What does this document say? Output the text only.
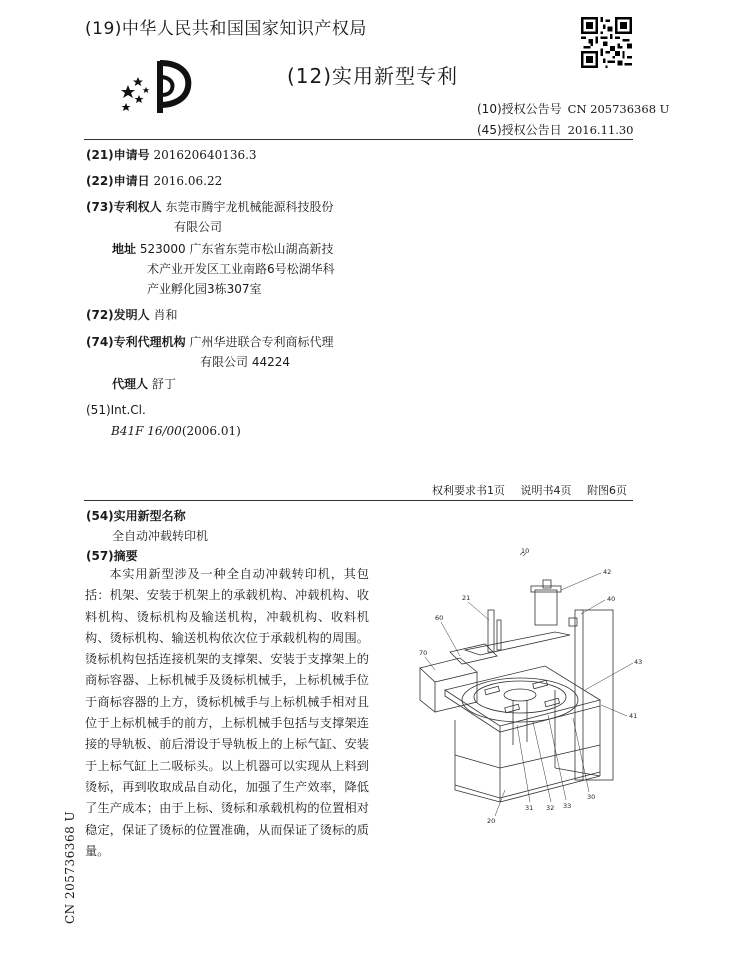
(19)中华人民共和国国家知识产权局
(12)实用新型专利
(10)授权公告号 CN 205736368 U
(45)授权公告日 2016.11.30
(21)申请号 201620640136.3
(22)申请日 2016.06.22
(73)专利权人 东莞市腾宇龙机械能源科技股份
有限公司
地址 523000 广东省东莞市松山湖高新技
术产业开发区工业南路6号松湖华科
产业孵化园3栋307室
(72)发明人 肖和
(74)专利代理机构 广州华进联合专利商标代理
有限公司 44224
代理人 舒丁
(51)Int.Cl.
B41F 16/00(2006.01)
权利要求书1页 说明书4页 附图6页
(54)实用新型名称
全自动冲载转印机
(57)摘要
本实用新型涉及一种全自动冲载转印机，其包括：机架、安装于机架上的承载机构、冲载机构、收料机构、烫标机构及输送机构，冲载机构、收料机构、烫标机构、输送机构依次位于承载机构的周围。烫标机构包括连接机架的支撑架、安装于支撑架上的商标容器、上标机械手及烫标机械手，上标机械手位于商标容器的上方，烫标机械手与上标机械手相对且位于上标机械手的前方，上标机械手包括与支撑架连接的导轨板、前后滑设于导轨板上的上标气缸、安装于上标气缸上二吸标头。以上机器可以实现从上料到烫标，再到收取成品自动化，加强了生产效率，降低了生产成本；由于上标、烫标和承载机构的位置相对稳定，保证了烫标的位置准确，从而保证了烫标的质量。
CN 205736368 U
10
42
40
21
60
70
43
41
20
31 32 33
30
